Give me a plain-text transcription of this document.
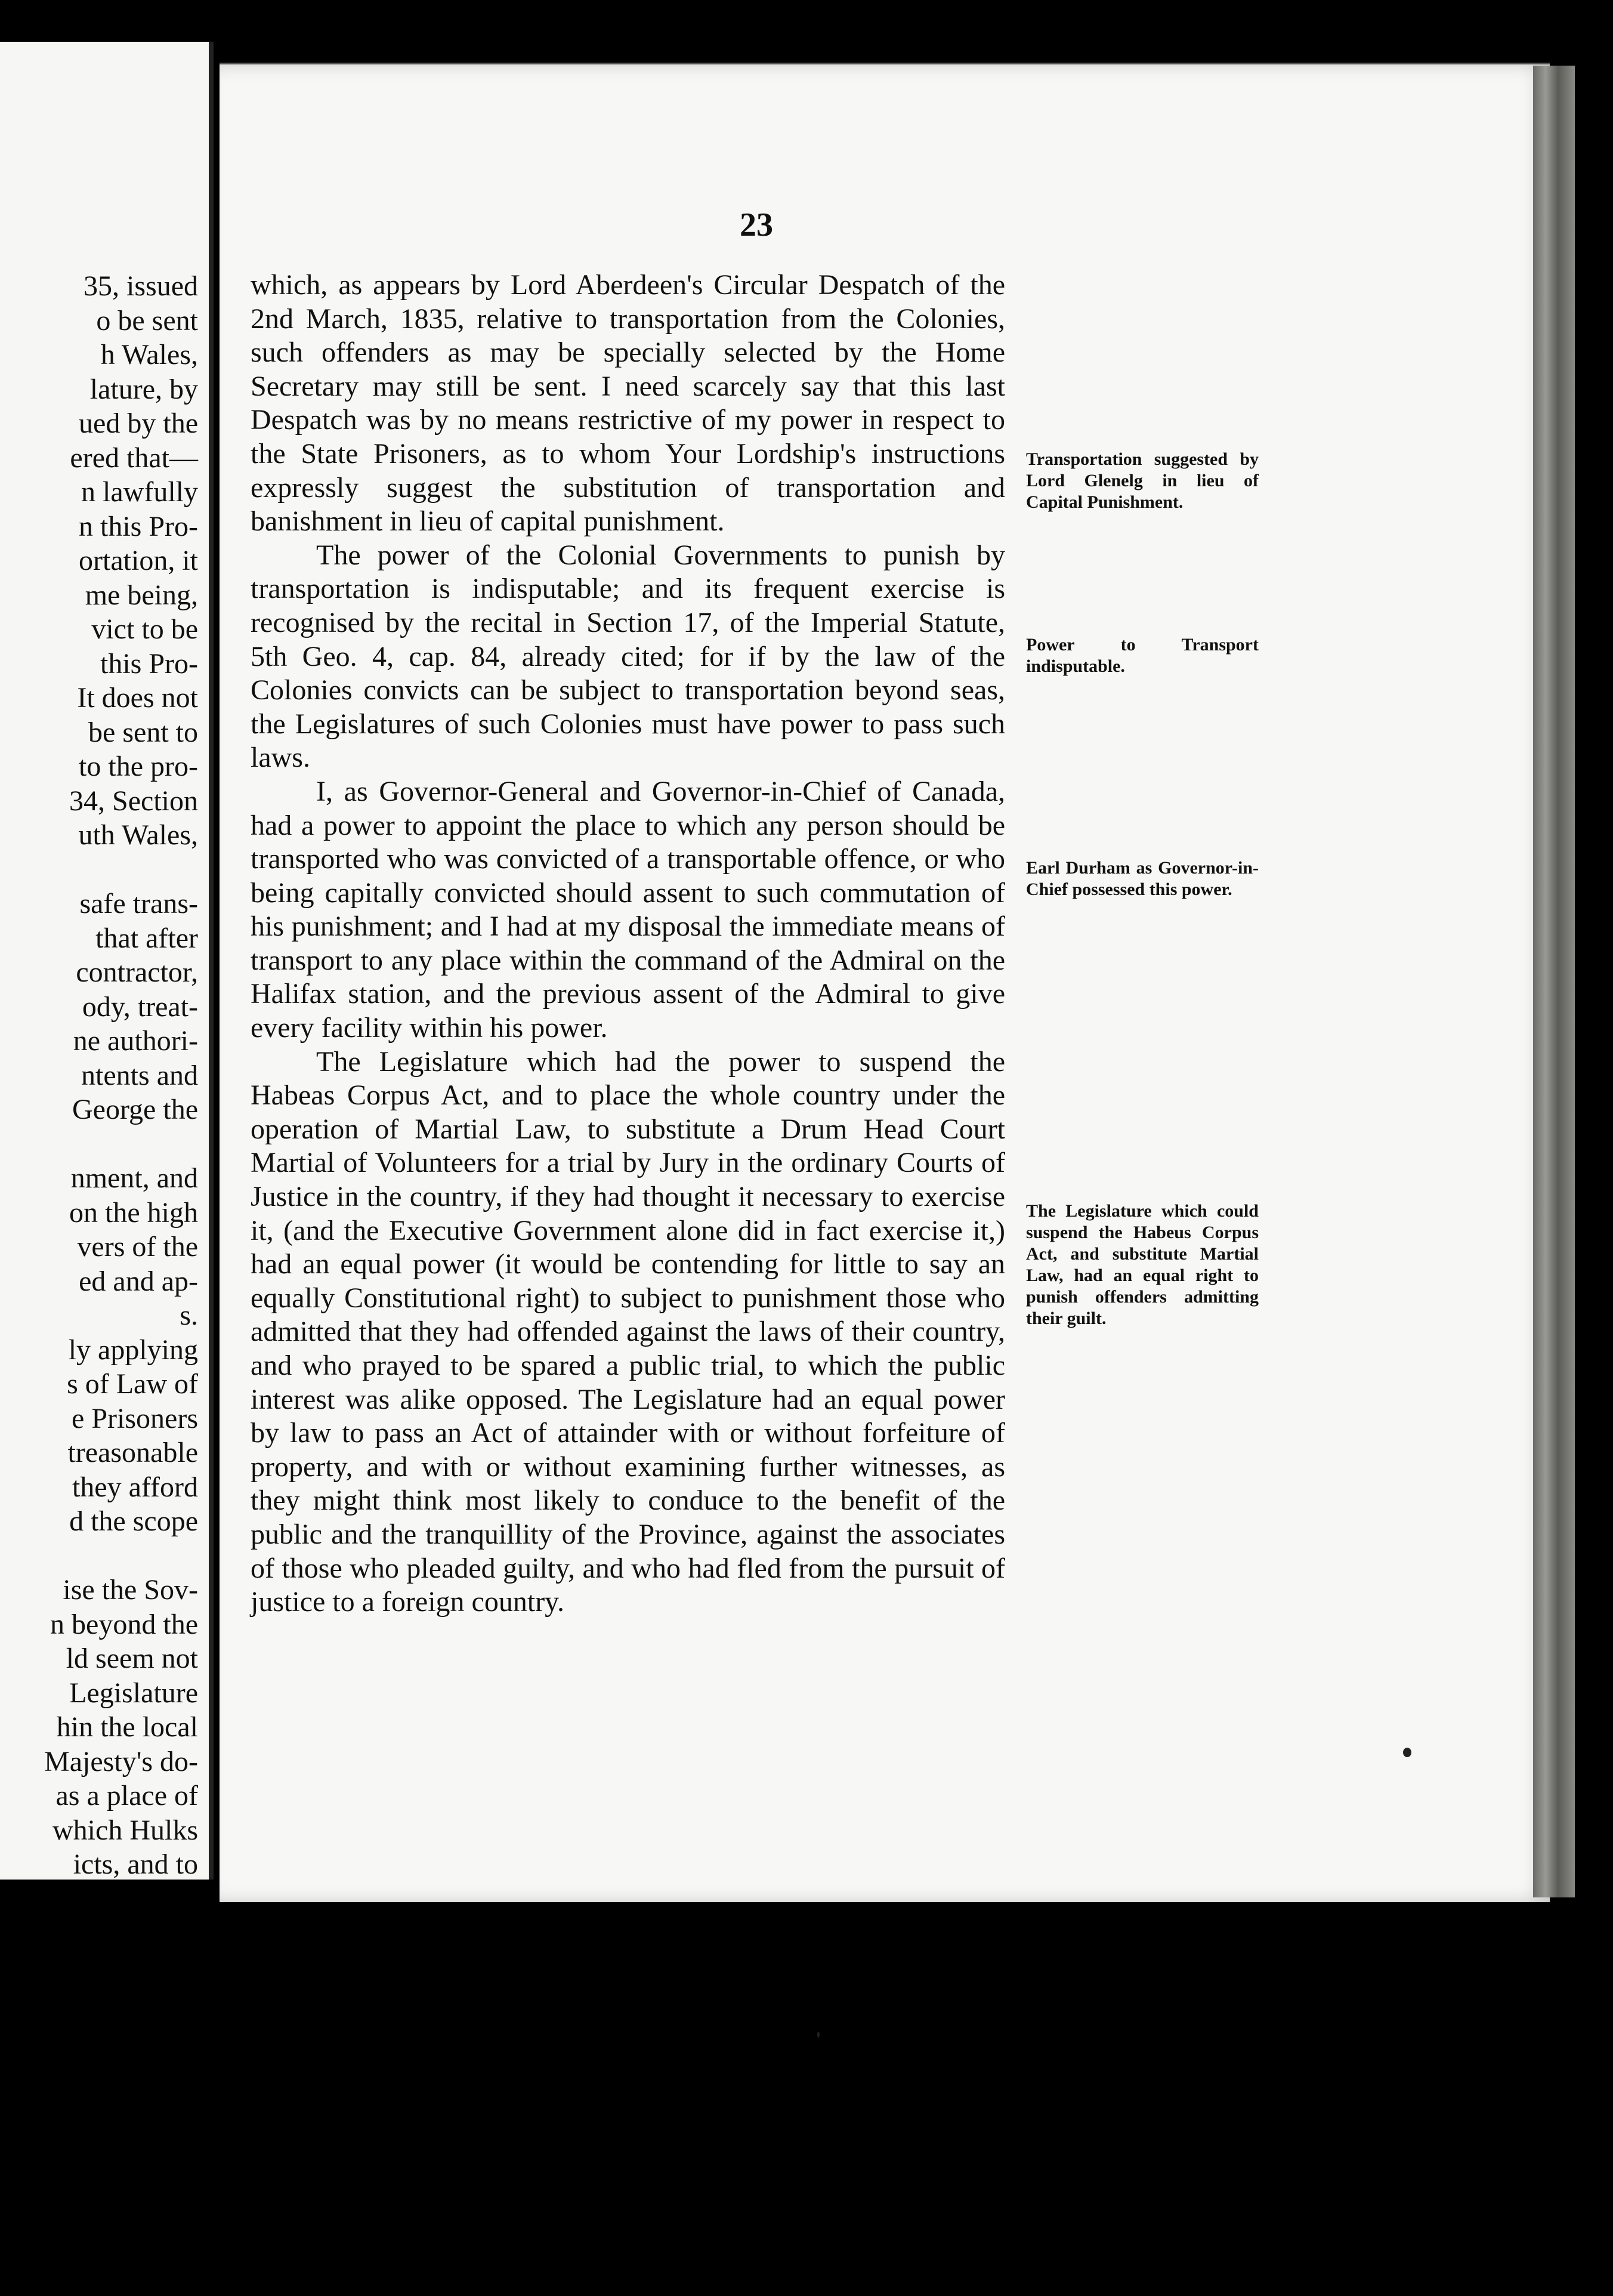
35, issued
o be sent
h Wales,
lature, by
ued by the
ered that—
n lawfully
n this Pro-
ortation, it
me being,
vict to be
this Pro-
It does not
be sent to
to the pro-
34, Section
uth Wales,
safe trans-
that after
contractor,
ody, treat-
ne authori-
ntents and
George the
nment, and
on the high
vers of the
ed and ap-
s.
ly applying
s of Law of
e Prisoners
treasonable
they afford
d the scope
ise the Sov-
n beyond the
ld seem not
Legislature
hin the local
Majesty's do-
as a place of
which Hulks
icts, and to
23

which, as appears by Lord Aberdeen's Circular Despatch of the 2nd March, 1835, relative to transportation from the Colonies, such offenders as may be specially selected by the Home Secretary may still be sent. I need scarcely say that this last Despatch was by no means restrictive of my power in respect to the State Prisoners, as to whom Your Lordship's instructions expressly suggest the substitution of transportation and banishment in lieu of capital punishment.

The power of the Colonial Governments to punish by transportation is indisputable; and its frequent exercise is recognised by the recital in Section 17, of the Imperial Statute, 5th Geo. 4, cap. 84, already cited; for if by the law of the Colonies convicts can be subject to transportation beyond seas, the Legislatures of such Colonies must have power to pass such laws.

I, as Governor-General and Governor-in-Chief of Canada, had a power to appoint the place to which any person should be transported who was convicted of a transportable offence, or who being capitally convicted should assent to such commutation of his punishment; and I had at my disposal the immediate means of transport to any place within the command of the Admiral on the Halifax station, and the previous assent of the Admiral to give every facility within his power.

The Legislature which had the power to suspend the Habeas Corpus Act, and to place the whole country under the operation of Martial Law, to substitute a Drum Head Court Martial of Volunteers for a trial by Jury in the ordinary Courts of Justice in the country, if they had thought it necessary to exercise it, (and the Executive Government alone did in fact exercise it,) had an equal power (it would be contending for little to say an equally Constitutional right) to subject to punishment those who admitted that they had offended against the laws of their country, and who prayed to be spared a public trial, to which the public interest was alike opposed. The Legislature had an equal power by law to pass an Act of attainder with or without forfeiture of property, and with or without examining further witnesses, as they might think most likely to conduce to the benefit of the public and the tranquillity of the Province, against the associates of those who pleaded guilty, and who had fled from the pursuit of justice to a foreign country.

Transportation suggested by Lord Glenelg in lieu of Capital Punishment.
Power to Transport indisputable.
Earl Durham as Governor-in-Chief possessed this power.
The Legislature which could suspend the Habeus Corpus Act, and substitute Martial Law, had an equal right to punish offenders admitting their guilt.
